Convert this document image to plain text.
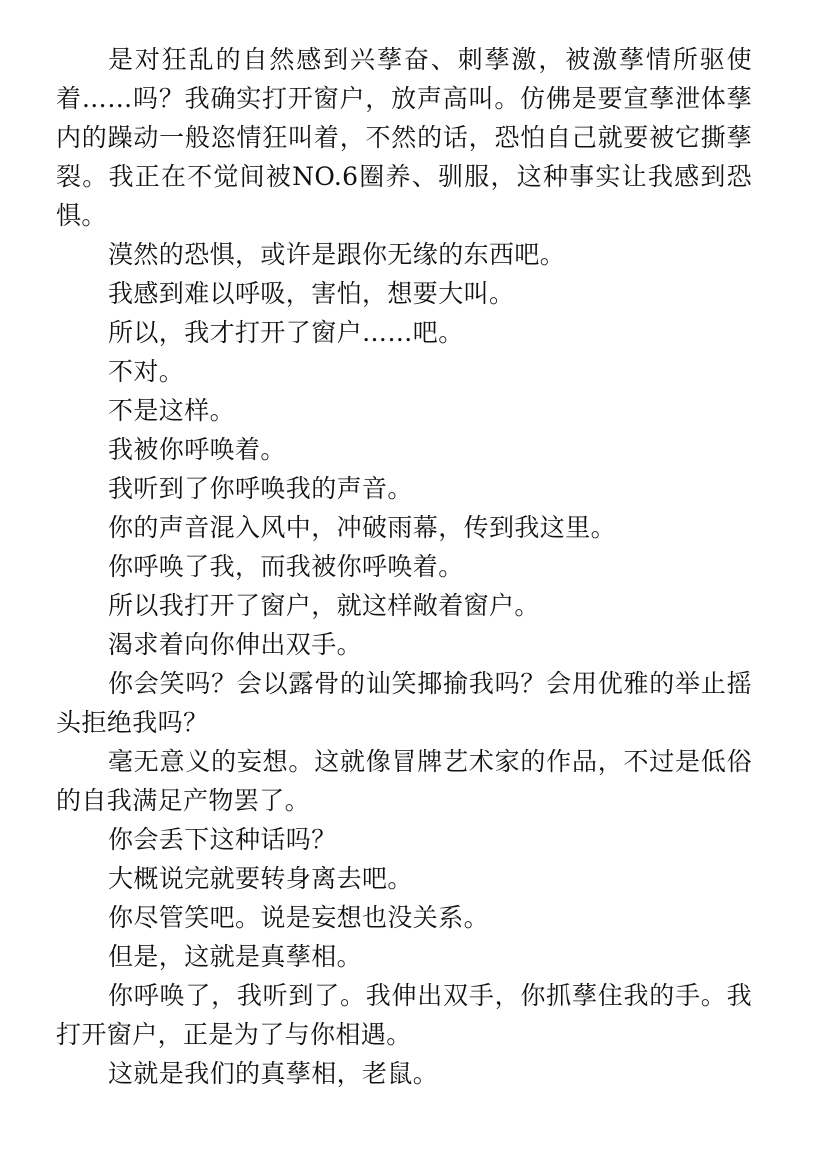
是对狂乱的自然感到兴孶奋、刺孶激，被激孶情所驱使着……吗？我确实打开窗户，放声高叫。仿佛是要宣孶泄体孶内的躁动一般恣情狂叫着，不然的话，恐怕自己就要被它撕孶裂。我正在不觉间被NO.6圈养、驯服，这种事实让我感到恐惧。

漠然的恐惧，或许是跟你无缘的东西吧。

我感到难以呼吸，害怕，想要大叫。

所以，我才打开了窗户……吧。

不对。

不是这样。

我被你呼唤着。

我听到了你呼唤我的声音。

你的声音混入风中，冲破雨幕，传到我这里。

你呼唤了我，而我被你呼唤着。

所以我打开了窗户，就这样敞着窗户。

渴求着向你伸出双手。

你会笑吗？会以露骨的讪笑揶揄我吗？会用优雅的举止摇头拒绝我吗？

毫无意义的妄想。这就像冒牌艺术家的作品，不过是低俗的自我满足产物罢了。

你会丢下这种话吗？

大概说完就要转身离去吧。

你尽管笑吧。说是妄想也没关系。

但是，这就是真孶相。

你呼唤了，我听到了。我伸出双手，你抓孶住我的手。我打开窗户，正是为了与你相遇。

这就是我们的真孶相，老鼠。
